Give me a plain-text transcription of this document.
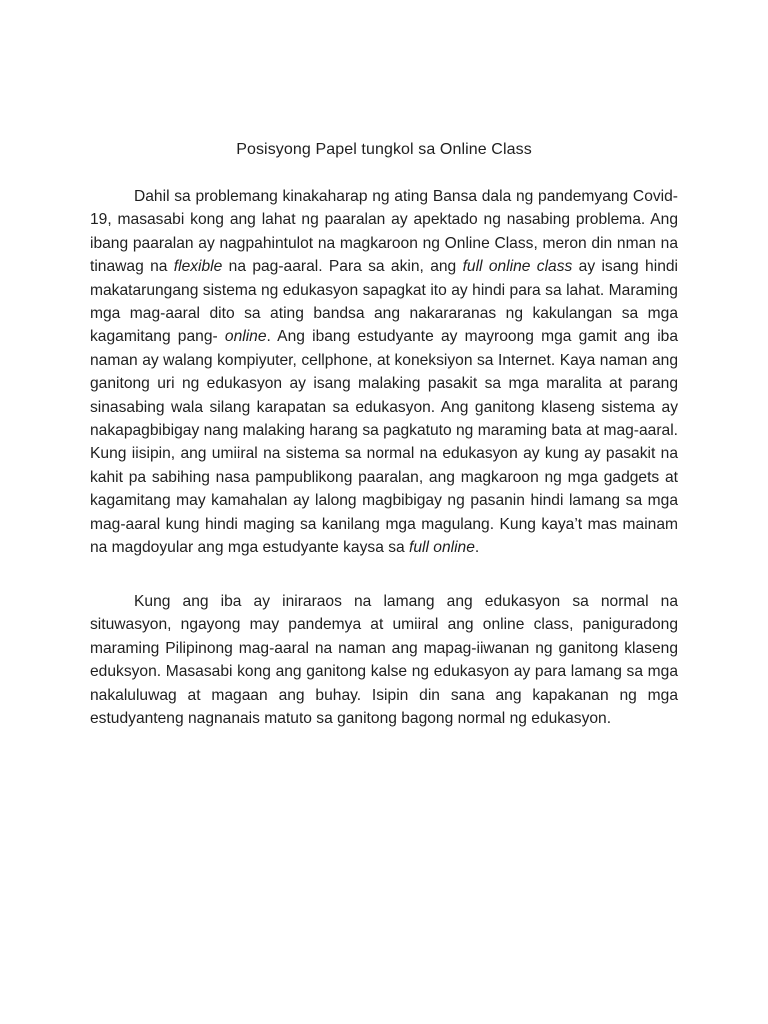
Posisyong Papel tungkol sa Online Class

Dahil sa problemang kinakaharap ng ating Bansa dala ng pandemyang Covid-19, masasabi kong ang lahat ng paaralan ay apektado ng nasabing problema. Ang ibang paaralan ay nagpahintulot na magkaroon ng Online Class, meron din nman na tinawag na flexible na pag-aaral. Para sa akin, ang full online class ay isang hindi makatarungang sistema ng edukasyon sapagkat ito ay hindi para sa lahat. Maraming mga mag-aaral dito sa ating bandsa ang nakararanas ng kakulangan sa mga kagamitang pang- online. Ang ibang estudyante ay mayroong mga gamit ang iba naman ay walang kompiyuter, cellphone, at koneksiyon sa Internet. Kaya naman ang ganitong uri ng edukasyon ay isang malaking pasakit sa mga maralita at parang sinasabing wala silang karapatan sa edukasyon. Ang ganitong klaseng sistema ay nakapagbibigay nang malaking harang sa pagkatuto ng maraming bata at mag-aaral. Kung iisipin, ang umiiral na sistema sa normal na edukasyon ay kung ay pasakit na kahit pa sabihing nasa pampublikong paaralan, ang magkaroon ng mga gadgets at kagamitang may kamahalan ay lalong magbibigay ng pasanin hindi lamang sa mga mag-aaral kung hindi maging sa kanilang mga magulang. Kung kaya’t mas mainam na magdoyular ang mga estudyante kaysa sa full online.

Kung ang iba ay iniraraos na lamang ang edukasyon sa normal na situwasyon, ngayong may pandemya at umiiral ang online class, paniguradong maraming Pilipinong mag-aaral na naman ang mapag-iiwanan ng ganitong klaseng eduksyon. Masasabi kong ang ganitong kalse ng edukasyon ay para lamang sa mga nakaluluwag at magaan ang buhay. Isipin din sana ang kapakanan ng mga estudyanteng nagnanais matuto sa ganitong bagong normal ng edukasyon.
